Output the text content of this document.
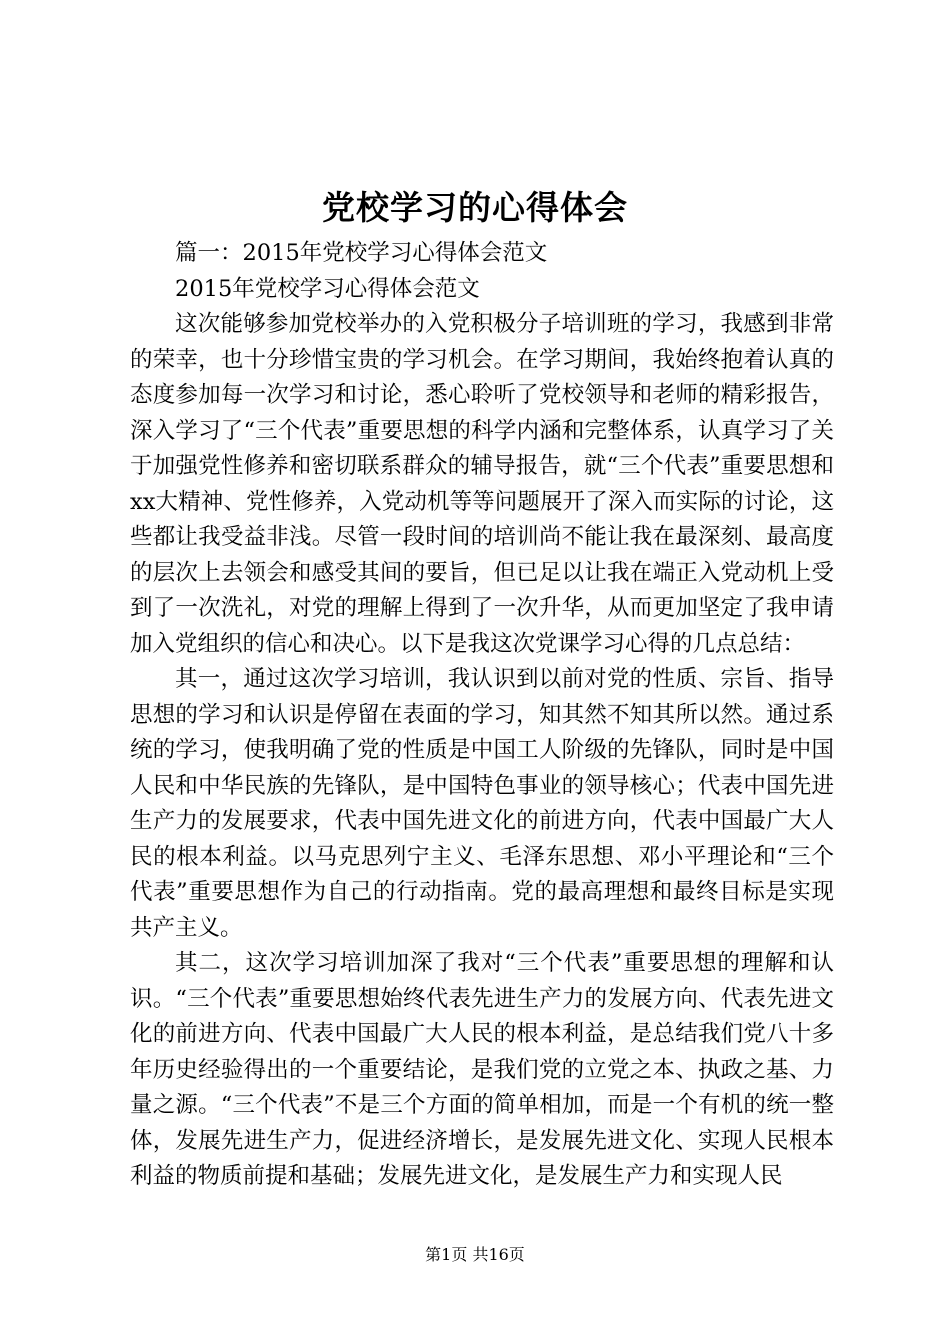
党校学习的心得体会

篇一：2015年党校学习心得体会范文

2015年党校学习心得体会范文

这次能够参加党校举办的入党积极分子培训班的学习，我感到非常的荣幸，也十分珍惜宝贵的学习机会。在学习期间，我始终抱着认真的态度参加每一次学习和讨论，悉心聆听了党校领导和老师的精彩报告，深入学习了“三个代表”重要思想的科学内涵和完整体系，认真学习了关于加强党性修养和密切联系群众的辅导报告，就“三个代表”重要思想和xx大精神、党性修养，入党动机等等问题展开了深入而实际的讨论，这些都让我受益非浅。尽管一段时间的培训尚不能让我在最深刻、最高度的层次上去领会和感受其间的要旨，但已足以让我在端正入党动机上受到了一次洗礼，对党的理解上得到了一次升华，从而更加坚定了我申请加入党组织的信心和决心。以下是我这次党课学习心得的几点总结：

其一，通过这次学习培训，我认识到以前对党的性质、宗旨、指导思想的学习和认识是停留在表面的学习，知其然不知其所以然。通过系统的学习，使我明确了党的性质是中国工人阶级的先锋队，同时是中国人民和中华民族的先锋队，是中国特色事业的领导核心；代表中国先进生产力的发展要求，代表中国先进文化的前进方向，代表中国最广大人民的根本利益。以马克思列宁主义、毛泽东思想、邓小平理论和“三个代表”重要思想作为自己的行动指南。党的最高理想和最终目标是实现共产主义。

其二，这次学习培训加深了我对“三个代表”重要思想的理解和认识。“三个代表”重要思想始终代表先进生产力的发展方向、代表先进文化的前进方向、代表中国最广大人民的根本利益，是总结我们党八十多年历史经验得出的一个重要结论，是我们党的立党之本、执政之基、力量之源。“三个代表”不是三个方面的简单相加，而是一个有机的统一整体，发展先进生产力，促进经济增长，是发展先进文化、实现人民根本利益的物质前提和基础；发展先进文化，是发展生产力和实现人民

第1页 共16页
